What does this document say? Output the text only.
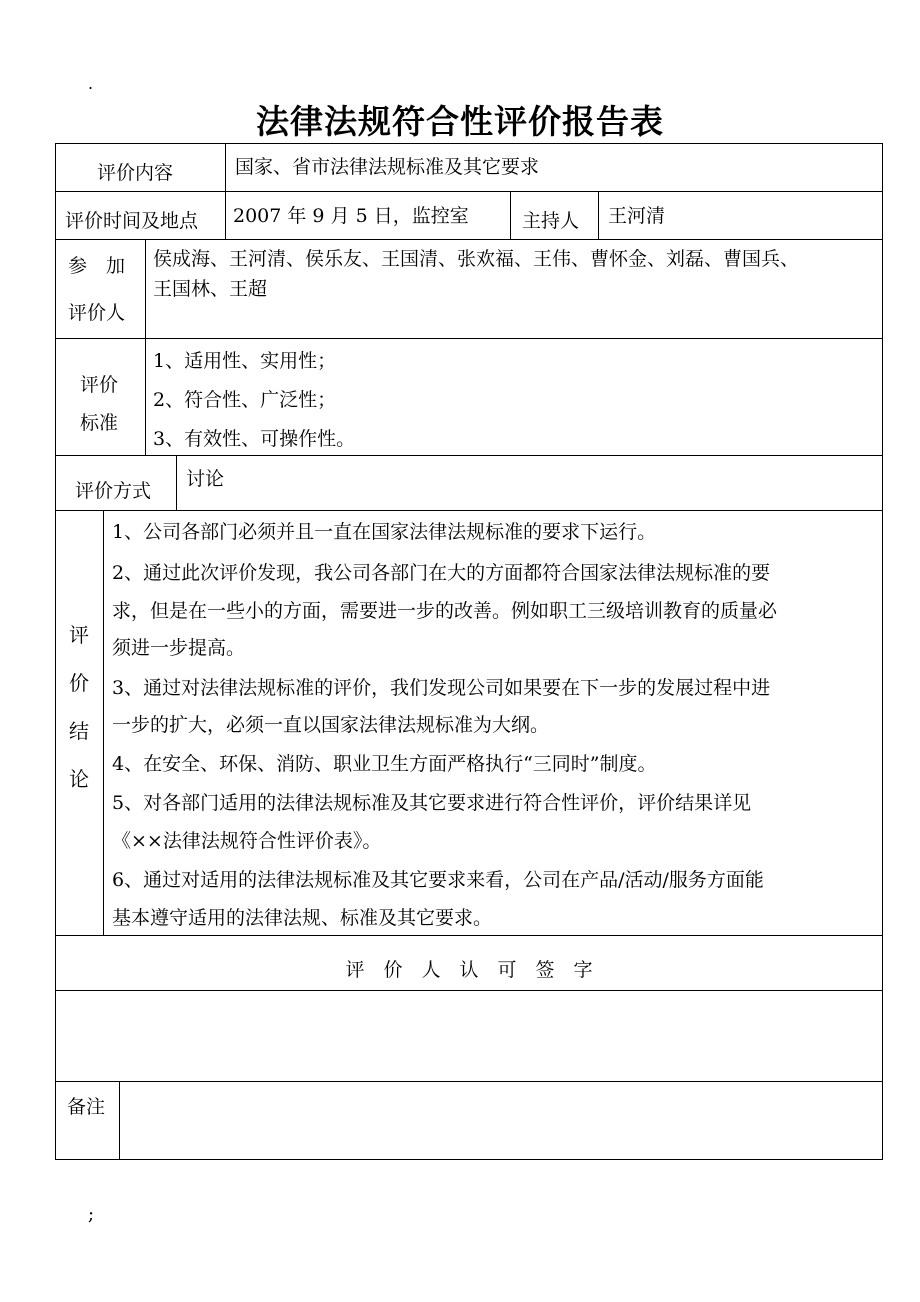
.
法律法规符合性评价报告表
评价内容	国家、省市法律法规标准及其它要求
评价时间及地点 2007 年 9 月 5 日，监控室	主持人 王河清
参　加
评价人
侯成海、王河清、侯乐友、王国清、张欢福、王伟、曹怀金、刘磊、曹国兵、
王国林、王超
评价
标准
1、适用性、实用性；
2、符合性、广泛性；
3、有效性、可操作性。
评价方式
讨论
评
价
结
论
1、公司各部门必须并且一直在国家法律法规标准的要求下运行。
2、通过此次评价发现，我公司各部门在大的方面都符合国家法律法规标准的要
求，但是在一些小的方面，需要进一步的改善。例如职工三级培训教育的质量必
须进一步提高。
3、通过对法律法规标准的评价，我们发现公司如果要在下一步的发展过程中进
一步的扩大，必须一直以国家法律法规标准为大纲。
4、在安全、环保、消防、职业卫生方面严格执行“三同时”制度。
5、对各部门适用的法律法规标准及其它要求进行符合性评价，评价结果详见
《××法律法规符合性评价表》。
6、通过对适用的法律法规标准及其它要求来看，公司在产品/活动/服务方面能
基本遵守适用的法律法规、标准及其它要求。
评　价　人　认　可　签　字
备注
;
